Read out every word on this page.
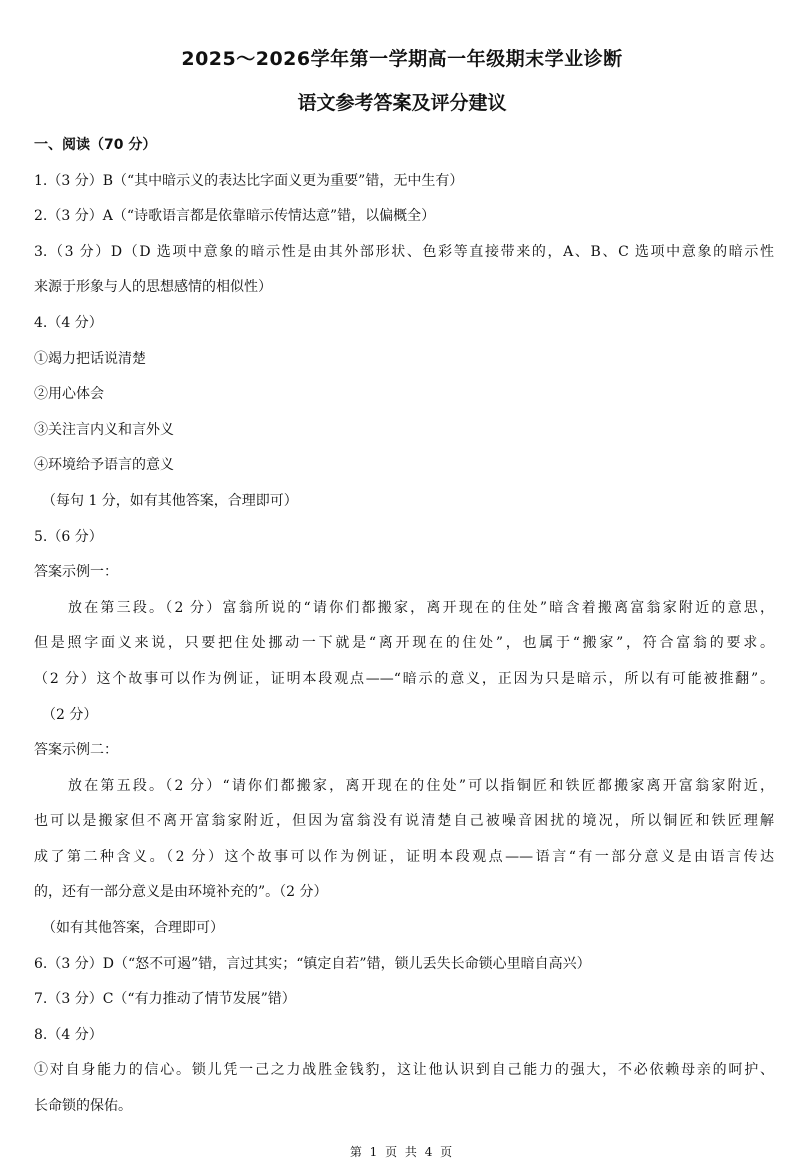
2025～2026学年第一学期高一年级期末学业诊断
语文参考答案及评分建议
一、阅读（70 分）
1.（3 分）B（“其中暗示义的表达比字面义更为重要”错，无中生有）
2.（3 分）A（“诗歌语言都是依靠暗示传情达意”错，以偏概全）
3.（3 分）D（D 选项中意象的暗示性是由其外部形状、色彩等直接带来的，A、B、C 选项中意象的暗示性
来源于形象与人的思想感情的相似性）
4.（4 分）
①竭力把话说清楚
②用心体会
③关注言内义和言外义
④环境给予语言的意义
（每句 1 分，如有其他答案，合理即可）
5.（6 分）
答案示例一：
放在第三段。（2 分）富翁所说的“请你们都搬家，离开现在的住处”暗含着搬离富翁家附近的意思，
但是照字面义来说，只要把住处挪动一下就是“离开现在的住处”，也属于“搬家”，符合富翁的要求。
（2 分）这个故事可以作为例证，证明本段观点——“暗示的意义，正因为只是暗示，所以有可能被推翻”。
（2 分）
答案示例二：
放在第五段。（2 分）“请你们都搬家，离开现在的住处”可以指铜匠和铁匠都搬家离开富翁家附近，
也可以是搬家但不离开富翁家附近，但因为富翁没有说清楚自己被噪音困扰的境况，所以铜匠和铁匠理解
成了第二种含义。（2 分）这个故事可以作为例证，证明本段观点——语言“有一部分意义是由语言传达
的，还有一部分意义是由环境补充的”。（2 分）
（如有其他答案，合理即可）
6.（3 分）D（“怒不可遏”错，言过其实；“镇定自若”错，锁儿丢失长命锁心里暗自高兴）
7.（3 分）C（“有力推动了情节发展”错）
8.（4 分）
①对自身能力的信心。锁儿凭一己之力战胜金钱豹，这让他认识到自己能力的强大，不必依赖母亲的呵护、
长命锁的保佑。
第 1 页 共 4 页
